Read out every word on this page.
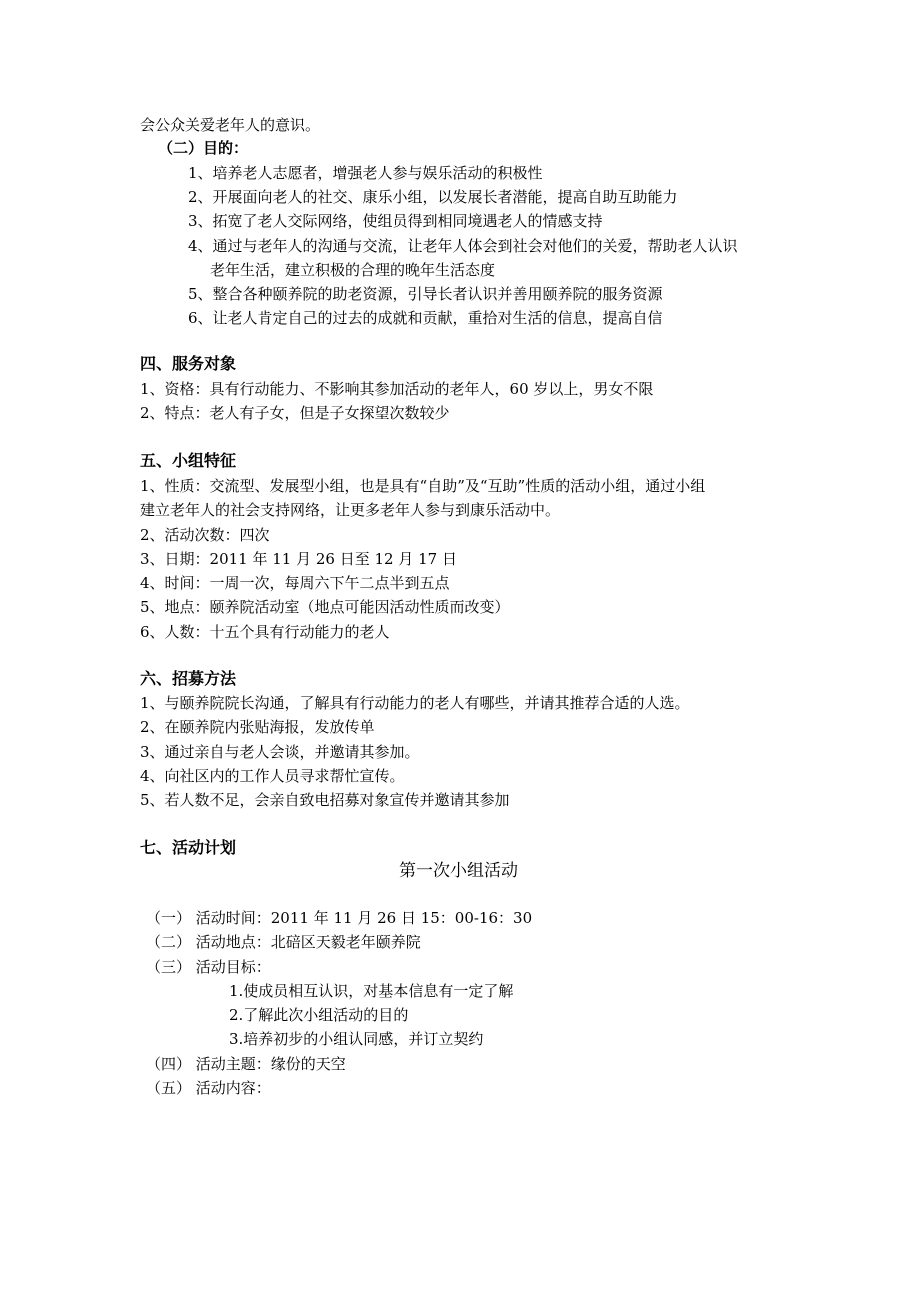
会公众关爱老年人的意识。
（二）目的：
1、培养老人志愿者，增强老人参与娱乐活动的积极性
2、开展面向老人的社交、康乐小组，以发展长者潜能，提高自助互助能力
3、拓宽了老人交际网络，使组员得到相同境遇老人的情感支持
4、通过与老年人的沟通与交流，让老年人体会到社会对他们的关爱，帮助老人认识
老年生活，建立积极的合理的晚年生活态度
5、整合各种颐养院的助老资源，引导长者认识并善用颐养院的服务资源
6、让老人肯定自己的过去的成就和贡献，重拾对生活的信息，提高自信
四、服务对象
1、资格：具有行动能力、不影响其参加活动的老年人，60 岁以上，男女不限
2、特点：老人有子女，但是子女探望次数较少
五、小组特征
1、性质：交流型、发展型小组，也是具有“自助”及“互助”性质的活动小组，通过小组
建立老年人的社会支持网络，让更多老年人参与到康乐活动中。
2、活动次数：四次
3、日期：2011 年 11 月 26 日至 12 月 17 日
4、时间：一周一次，每周六下午二点半到五点
5、地点：颐养院活动室（地点可能因活动性质而改变）
6、人数：十五个具有行动能力的老人
六、招募方法
1、与颐养院院长沟通，了解具有行动能力的老人有哪些，并请其推荐合适的人选。
2、在颐养院内张贴海报，发放传单
3、通过亲自与老人会谈，并邀请其参加。
4、向社区内的工作人员寻求帮忙宣传。
5、若人数不足，会亲自致电招募对象宣传并邀请其参加
七、活动计划
第一次小组活动
（一） 活动时间：2011 年 11 月 26 日 15：00-16：30
（二） 活动地点：北碚区天毅老年颐养院
（三） 活动目标：
1.使成员相互认识，对基本信息有一定了解
2.了解此次小组活动的目的
3.培养初步的小组认同感，并订立契约
（四） 活动主题：缘份的天空
（五） 活动内容：
